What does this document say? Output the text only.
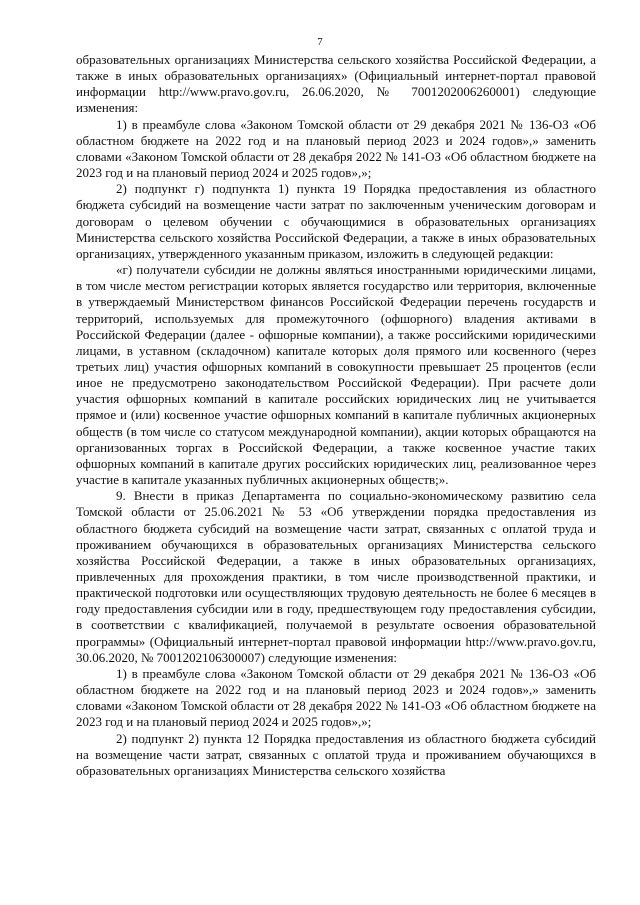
7

образовательных организациях Министерства сельского хозяйства Российской Федерации, а также в иных образовательных организациях» (Официальный интернет-портал правовой информации http://www.pravo.gov.ru, 26.06.2020, № 7001202006260001) следующие изменения:

1) в преамбуле слова «Законом Томской области от 29 декабря 2021 № 136-ОЗ «Об областном бюджете на 2022 год и на плановый период 2023 и 2024 годов»,» заменить словами «Законом Томской области от 28 декабря 2022 № 141-ОЗ «Об областном бюджете на 2023 год и на плановый период 2024 и 2025 годов»,»;

2) подпункт г) подпункта 1) пункта 19 Порядка предоставления из областного бюджета субсидий на возмещение части затрат по заключенным ученическим договорам и договорам о целевом обучении с обучающимися в образовательных организациях Министерства сельского хозяйства Российской Федерации, а также в иных образовательных организациях, утвержденного указанным приказом, изложить в следующей редакции:

«г) получатели субсидии не должны являться иностранными юридическими лицами, в том числе местом регистрации которых является государство или территория, включенные в утверждаемый Министерством финансов Российской Федерации перечень государств и территорий, используемых для промежуточного (офшорного) владения активами в Российской Федерации (далее - офшорные компании), а также российскими юридическими лицами, в уставном (складочном) капитале которых доля прямого или косвенного (через третьих лиц) участия офшорных компаний в совокупности превышает 25 процентов (если иное не предусмотрено законодательством Российской Федерации). При расчете доли участия офшорных компаний в капитале российских юридических лиц не учитывается прямое и (или) косвенное участие офшорных компаний в капитале публичных акционерных обществ (в том числе со статусом международной компании), акции которых обращаются на организованных торгах в Российской Федерации, а также косвенное участие таких офшорных компаний в капитале других российских юридических лиц, реализованное через участие в капитале указанных публичных акционерных обществ;».

9. Внести в приказ Департамента по социально-экономическому развитию села Томской области от 25.06.2021 № 53 «Об утверждении порядка предоставления из областного бюджета субсидий на возмещение части затрат, связанных с оплатой труда и проживанием обучающихся в образовательных организациях Министерства сельского хозяйства Российской Федерации, а также в иных образовательных организациях, привлеченных для прохождения практики, в том числе производственной практики, и практической подготовки или осуществляющих трудовую деятельность не более 6 месяцев в году предоставления субсидии или в году, предшествующем году предоставления субсидии, в соответствии с квалификацией, получаемой в результате освоения образовательной программы» (Официальный интернет-портал правовой информации http://www.pravo.gov.ru, 30.06.2020, № 7001202106300007) следующие изменения:

1) в преамбуле слова «Законом Томской области от 29 декабря 2021 № 136-ОЗ «Об областном бюджете на 2022 год и на плановый период 2023 и 2024 годов»,» заменить словами «Законом Томской области от 28 декабря 2022 № 141-ОЗ «Об областном бюджете на 2023 год и на плановый период 2024 и 2025 годов»,»;

2) подпункт 2) пункта 12 Порядка предоставления из областного бюджета субсидий на возмещение части затрат, связанных с оплатой труда и проживанием обучающихся в образовательных организациях Министерства сельского хозяйства
